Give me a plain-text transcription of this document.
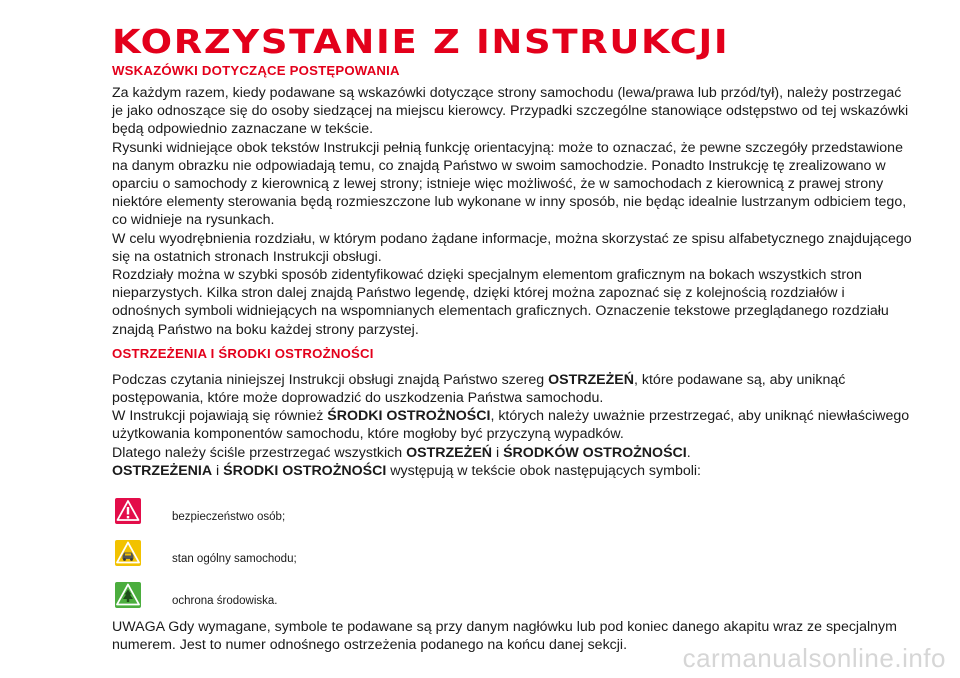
KORZYSTANIE Z INSTRUKCJI
WSKAZÓWKI DOTYCZĄCE POSTĘPOWANIA

Za każdym razem, kiedy podawane są wskazówki dotyczące strony samochodu (lewa/prawa lub przód/tył), należy postrzegać je jako odnoszące się do osoby siedzącej na miejscu kierowcy. Przypadki szczególne stanowiące odstępstwo od tej wskazówki będą odpowiednio zaznaczane w tekście.

Rysunki widniejące obok tekstów Instrukcji pełnią funkcję orientacyjną: może to oznaczać, że pewne szczegóły przedstawione na danym obrazku nie odpowiadają temu, co znajdą Państwo w swoim samochodzie. Ponadto Instrukcję tę zrealizowano w oparciu o samochody z kierownicą z lewej strony; istnieje więc możliwość, że w samochodach z kierownicą z prawej strony niektóre elementy sterowania będą rozmieszczone lub wykonane w inny sposób, nie będąc idealnie lustrzanym odbiciem tego, co widnieje na rysunkach.

W celu wyodrębnienia rozdziału, w którym podano żądane informacje, można skorzystać ze spisu alfabetycznego znajdującego się na ostatnich stronach Instrukcji obsługi.

Rozdziały można w szybki sposób zidentyfikować dzięki specjalnym elementom graficznym na bokach wszystkich stron nieparzystych. Kilka stron dalej znajdą Państwo legendę, dzięki której można zapoznać się z kolejnością rozdziałów i odnośnych symboli widniejących na wspomnianych elementach graficznych. Oznaczenie tekstowe przeglądanego rozdziału znajdą Państwo na boku każdej strony parzystej.

OSTRZEŻENIA I ŚRODKI OSTROŻNOŚCI

Podczas czytania niniejszej Instrukcji obsługi znajdą Państwo szereg OSTRZEŻEŃ, które podawane są, aby uniknąć postępowania, które może doprowadzić do uszkodzenia Państwa samochodu.

W Instrukcji pojawiają się również ŚRODKI OSTROŻNOŚCI, których należy uważnie przestrzegać, aby uniknąć niewłaściwego użytkowania komponentów samochodu, które mogłoby być przyczyną wypadków.

Dlatego należy ściśle przestrzegać wszystkich OSTRZEŻEŃ i ŚRODKÓW OSTROŻNOŚCI.

OSTRZEŻENIA i ŚRODKI OSTROŻNOŚCI występują w tekście obok następujących symboli:

bezpieczeństwo osób;
stan ogólny samochodu;
ochrona środowiska.

UWAGA Gdy wymagane, symbole te podawane są przy danym nagłówku lub pod koniec danego akapitu wraz ze specjalnym numerem. Jest to numer odnośnego ostrzeżenia podanego na końcu danej sekcji.	carmanualsonline.info
